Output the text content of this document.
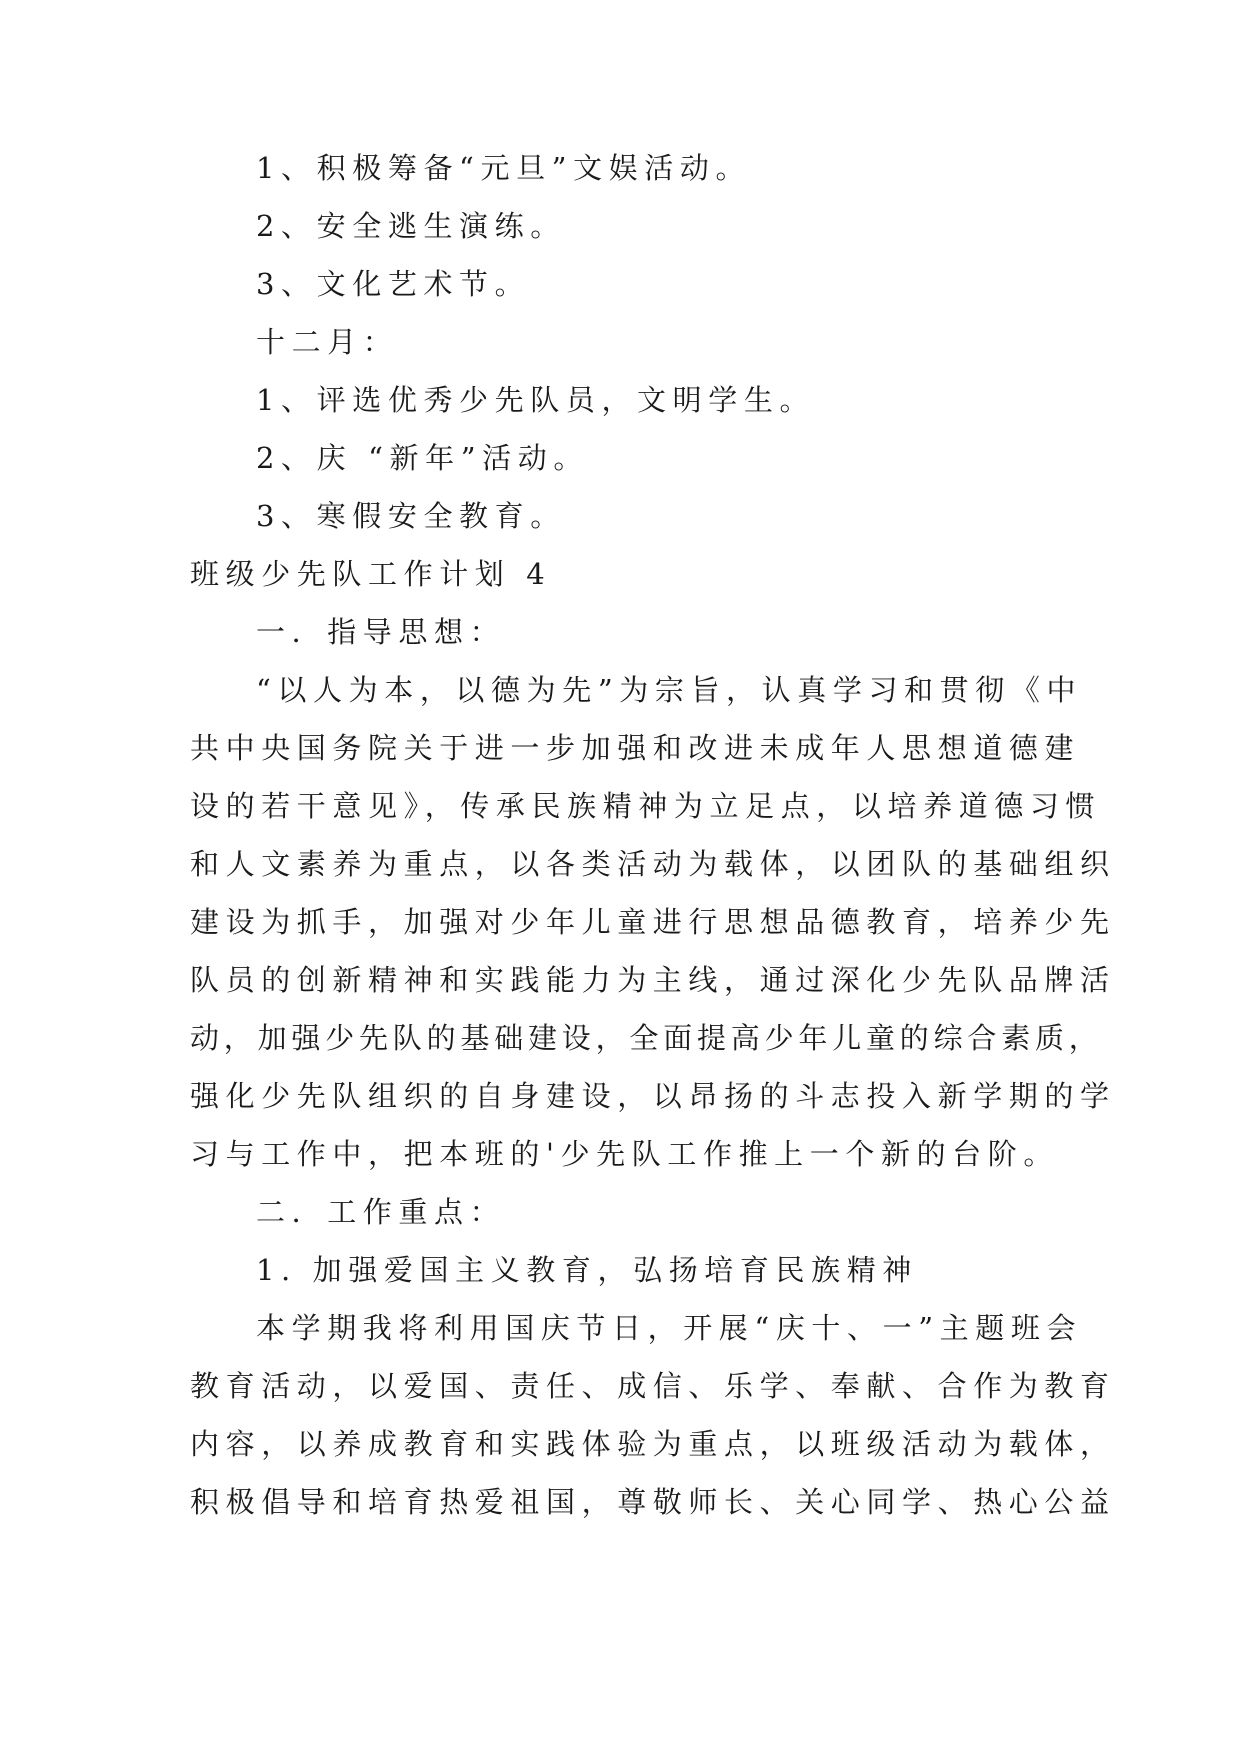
1、积极筹备“元旦”文娱活动。
2、安全逃生演练。
3、文化艺术节。
十二月：
1、评选优秀少先队员，文明学生。
2、庆 “新年”活动。
3、寒假安全教育。
班级少先队工作计划 4
一．指导思想：
“以人为本，以德为先”为宗旨，认真学习和贯彻《中
共中央国务院关于进一步加强和改进未成年人思想道德建
设的若干意见》，传承民族精神为立足点，以培养道德习惯
和人文素养为重点，以各类活动为载体，以团队的基础组织
建设为抓手，加强对少年儿童进行思想品德教育，培养少先
队员的创新精神和实践能力为主线，通过深化少先队品牌活
动，加强少先队的基础建设，全面提高少年儿童的综合素质，
强化少先队组织的自身建设，以昂扬的斗志投入新学期的学
习与工作中，把本班的'少先队工作推上一个新的台阶。
二．工作重点：
1. 加强爱国主义教育，弘扬培育民族精神
本学期我将利用国庆节日，开展“庆十、一”主题班会
教育活动，以爱国、责任、成信、乐学、奉献、合作为教育
内容，以养成教育和实践体验为重点，以班级活动为载体，
积极倡导和培育热爱祖国，尊敬师长、关心同学、热心公益
